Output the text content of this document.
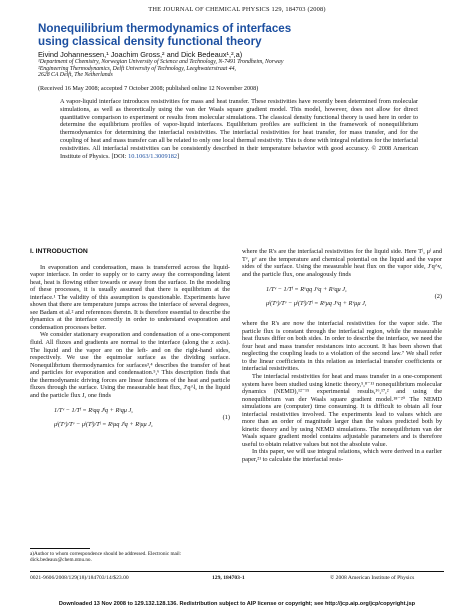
THE JOURNAL OF CHEMICAL PHYSICS 129, 184703 (2008)
Nonequilibrium thermodynamics of interfaces
using classical density functional theory
Eivind Johannessen,¹ Joachim Gross,² and Dick Bedeaux¹,²,a)
¹Department of Chemistry, Norwegian University of Science and Technology, N-7491 Trondheim, Norway
²Engineering Thermodynamics, Delft University of Technology, Leeghwaterstraat 44,
2628 CA Delft, The Netherlands
(Received 16 May 2008; accepted 7 October 2008; published online 12 November 2008)
A vapor-liquid interface introduces resistivities for mass and heat transfer. These resistivities have recently been determined from molecular simulations, as well as theoretically using the van der Waals square gradient model. This model, however, does not allow for direct quantitative comparison to experiment or results from molecular simulations. The classical density functional theory is used here in order to determine the equilibrium profiles of vapor-liquid interfaces. Equilibrium profiles are sufficient in the framework of nonequilibrium thermodynamics for determining the interfacial resistivities. The interfacial resistivities for heat transfer, for mass transfer, and for the coupling of heat and mass transfer can all be related to only one local thermal resistivity. This is done with integral relations for the interfacial resistivities. All interfacial resistivities can be consistently described in their temperature behavior with good accuracy. © 2008 American Institute of Physics. [DOI: 10.1063/1.3009182]
I. INTRODUCTION

In evaporation and condensation, mass is transferred across the liquid-vapor interface. In order to supply or to carry away the corresponding latent heat, heat is flowing either towards or away from the surface. In the modeling of these processes, it is usually assumed that there is equilibrium at the interface.¹ The validity of this assumption is questionable. Experiments have shown that there are temperature jumps across the interface of several degrees, see Badam et al.² and references therein. It is therefore essential to describe the dynamics at the interface correctly in order to understand evaporation and condensation processes better.

We consider stationary evaporation and condensation of a one-component fluid. All fluxes and gradients are normal to the interface (along the z axis). The liquid and the vapor are on the left- and on the right-hand sides, respectively. We use the equimolar surface as the dividing surface. Nonequilibrium thermodynamics for surfaces³,⁴ describes the transfer of heat and particles for evaporation and condensation.⁵,⁶ This description finds that the thermodynamic driving forces are linear functions of the heat and particle fluxes through the surface. Using the measurable heat flux, J′q^l, in the liquid and the particle flux J, one finds

1/Tᵛ − 1/Tˡ = Rˢqq Jˡq + Rˢqμ J,
μˡ(Tᵛ)/Tᵛ − μˡ(Tˡ)/Tˡ = Rˢμq Jˡq + Rˢμμ J,
(1)

where the R's are the interfacial resistivities for the liquid side. Here Tˡ, μˡ and Tᵛ, μᵛ are the temperature and chemical potential on the liquid and the vapor sides of the surface. Using the measurable heat flux on the vapor side, J′q^v, and the particle flux, one analogously finds

1/Tᵛ − 1/Tˡ = Rᵛqq Jᵛq + Rᵛqμ J,
μˡ(Tᵛ)/Tᵛ − μˡ(Tˡ)/Tˡ = Rᵛμq Jᵛq + Rᵛμμ J,
(2)

where the R's are now the interfacial resistivities for the vapor side. The particle flux is constant through the interfacial region, while the measurable heat fluxes differ on both sides. In order to describe the interface, we need the four heat and mass transfer resistances into account. It has been shown that neglecting the coupling leads to a violation of the second law.⁷ We shall refer to the linear coefficients in this relation as interfacial transfer coefficients or interfacial resistivities.

The interfacial resistivities for heat and mass transfer in a one-component system have been studied using kinetic theory,⁵,⁸⁻¹¹ nonequilibrium molecular dynamics (NEMD),¹²⁻¹⁵ experimental results,¹⁶,¹⁷,² and using the nonequilibrium van der Waals square gradient model.¹⁸⁻²⁰ The NEMD simulations are (computer) time consuming. It is difficult to obtain all four interfacial resistivities involved. The experiments lead to values which are more than an order of magnitude larger than the values predicted both by kinetic theory and by using NEMD simulations. The nonequilibrium van der Waals square gradient model contains adjustable parameters and is therefore useful to obtain relative values but not the absolute value.

In this paper, we will use integral relations, which were derived in a earlier paper,²¹ to calculate the interfacial resis-

a)Author to whom correspondence should be addressed. Electronic mail: dick.bedeaux@chem.ntnu.no.
0021-9606/2008/129(18)/184703/14/$23.00	129, 184703-1	© 2008 American Institute of Physics
Downloaded 13 Nov 2008 to 129.132.128.136. Redistribution subject to AIP license or copyright; see http://jcp.aip.org/jcp/copyright.jsp
